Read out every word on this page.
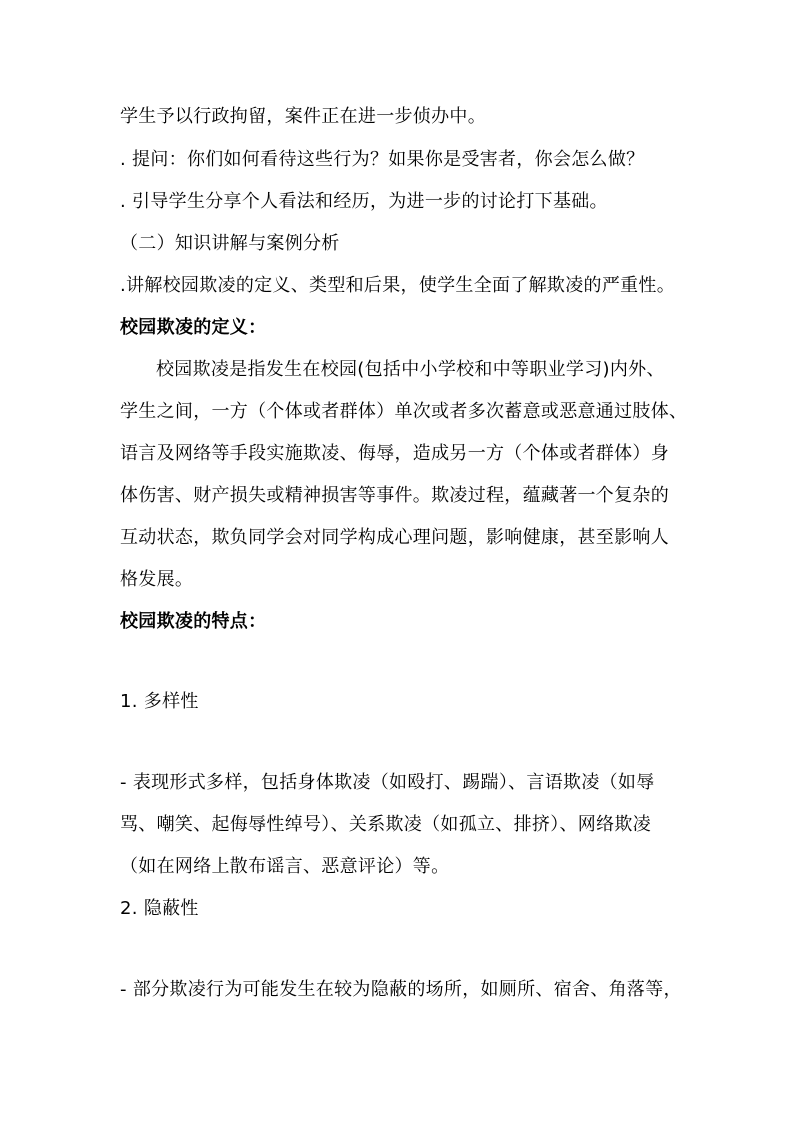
学生予以行政拘留，案件正在进一步侦办中。
. 提问：你们如何看待这些行为？如果你是受害者，你会怎么做？
. 引导学生分享个人看法和经历，为进一步的讨论打下基础。
（二）知识讲解与案例分析
.讲解校园欺凌的定义、类型和后果，使学生全面了解欺凌的严重性。
校园欺凌的定义：
校园欺凌是指发生在校园(包括中小学校和中等职业学习)内外、
学生之间，一方（个体或者群体）单次或者多次蓄意或恶意通过肢体、
语言及网络等手段实施欺凌、侮辱，造成另一方（个体或者群体）身
体伤害、财产损失或精神损害等事件。欺凌过程，蕴藏著一个复杂的
互动状态，欺负同学会对同学构成心理问题，影响健康，甚至影响人
格发展。
校园欺凌的特点：
1. 多样性
- 表现形式多样，包括身体欺凌（如殴打、踢踹）、言语欺凌（如辱
骂、嘲笑、起侮辱性绰号）、关系欺凌（如孤立、排挤）、网络欺凌
（如在网络上散布谣言、恶意评论）等。
2. 隐蔽性
- 部分欺凌行为可能发生在较为隐蔽的场所，如厕所、宿舍、角落等，
